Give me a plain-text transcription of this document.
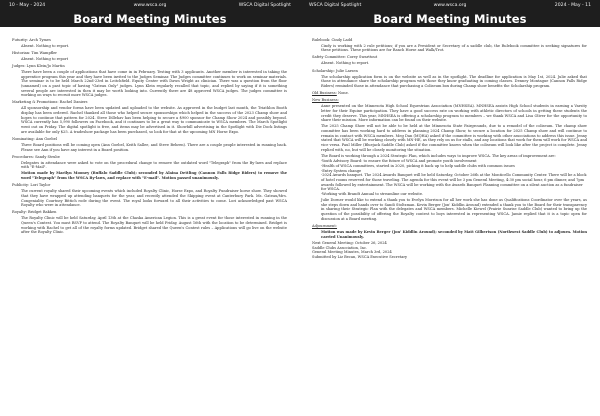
10 - May - 2024	www.wsca.org	WSCA Digital Spotlight
Board Meeting Minutes
Futurity: Arch Tymes
Absent. Nothing to report.
Historian: Tim Wampfler
Absent. Nothing to report
Judges: Lynn Klein/Jo Martin
There have been a couple of applications that have come in in February. Testing with 3 applicants. Another member is interested in taking the apprentice program this year and they have been invited to the Judges Seminar. The Judges committee continues to work on seminar materials. The seminar is to be held March 22nd-23rd in Leitchfield. Equity Center with Dawn Wright as clinician. There was a question from the floor (unnamed) on a past topic of having "Gateau Only" judges. Lynn Klein regularly recalled that topic, and replied by saying if it is something several people are interested in then it may be worth looking into. Currently there are 48 approved WSCA judges. The judges committee is working on ways to recruit more WSCA judges.
Marketing & Promotions: Rachel Daniers
All sponsorship and vendor forms have been updated and uploaded to the website. As approved in the budget last month, the Triathlon Booth display has been ordered. Rachel thanked all those who helped secure sponsorships which helped in the success of the 2023 Champ show and hopes to continue that pattern for 2024. Steve Dillehav has been helping to secure a $900 sponsor for Champ Show 2024 and possibly beyond. WSCA currently has 5,990 followers on Facebook, and it continues to be a great way to communicate to WSCA members. The March Spotlight went out on Friday. The digital spotlight is free, and items may be advertised in it. Showbill advertising in the Spotlight with Die Dock listings are available for only $25. A tradeshow package has been purchased, so look for that at the upcoming MN Horse Expo.
Nominating: Ann Goebel
Three Board positions will be coming open (Ann Goebel, Keith Sallee, and Steve Behren). There are a couple people interested in running back. Please see Ann if you have any interest in a Board position.
Procedures: Sandy Strube
Delegates in attendance were asked to vote on the procedural change to remove the outdated word "Telegraph" from the By-laws and replace with "E-Mail".
Motion made by Marilyn Mooney (Buffalo Saddle Club); seconded by Alaina Dettling (Cannon Falls Ridge Riders) to remove the word "Telegraph" from the WSCA By-laws, and replace with "E-mail". Motion passed unanimously.
Publicity: Lori Taylor
The current royalty shared their upcoming events which included Royalty Clinic, Horse Expo, and Royalty Fundraiser horse show. They showed that they have wrapped up attending banquets for the year, and recently attended the Skipping event at Canterbury Park. Ms. Gateau/Mrs. Congeniality Courtney Bittich rode during the event. The royal looks forward to all their activities to come. Lori acknowledged past WSCA Royalty who were in attendance.
Royalty: Bridget Bakken
The Royalty Clinic will be held Saturday, April 13th at the Chaska American Legion. This is a great event for those interested in running in the Queen's Contest. You must RSVP to attend. The Royalty Banquet will be held Friday, August 16th with the location to be determined. Bridget is working with Rachel to get all of the royalty forms updated. Bridget shared the Queen's Contest rules – Applications will go live on the website after the Royalty Clinic.
WSCA Digital Spotlight	www.wsca.org	2024 - May - 11
Board Meeting Minutes
Rulebook: Cindy Ladd
Cindy is working with 2 rule petitions; if you are a President or Secretary of a saddle club, the Rulebook committee is seeking signatures for these petitions. These petitions are for Ranch Horse and Walk/Trot.
Safety Committee: Corey Swarttout
Absent. Nothing to report.
Scholarship: Julie Larsen
The scholarship application form is on the website as well as in the spotlight. The deadline for application is May 1st, 2024. Julie asked that those in attendance share the scholarship program with those they know graduating in coming classes. Denney Montague (Cannon Falls Ridge Riders) reminded those in attendance that purchasing a Coliseum box during Champ show benefits the Scholarship program.
Old Business: None.
New Business:
Anne presented on the Minnesota High School Equestrian Association (MNHSEA). MNHSEA assists High School students in earning a Varsity letter for their Equine participation. They have a good success rate on working with athletic directors of schools in getting these students the credit they deserve. This year, MNHSEA is offering a scholarship program to members – we thank WSCA and Lisa Oliver for the opportunity to share their mission. More information can be found on their website.
The 2025 Champ Show will not be able to be held at the Minnesota State Fairgrounds, due to a remodel of the coliseum. The champ show committee has been working hard to address in planning 2024 Champ Show, to secure a location for 2025 Champ show and will continue to remain in contact with WSCA members. Meg Dan (MQHA) asked if the committee is working with other associations to address this issue. Jenny stated that WSCA will be working closely with MN-HE, as they rely on us for stalls, and any locations that work for them will work for WSCA and vice versa. Paul Miller (Bluejack Saddle Club) asked if the committee knows when the coliseum will look like after the project is complete. Jenny replied with, no, but will be closely monitoring the situation.
The Board is working through a 2024 Strategic Plan, which includes ways to improve WSCA. The key areas of improvement are:
-Youth Advisory Board: to ensure the future of WSCA and promote youth involvement
-Health of WSCA committees, started in 2020, picking it back up to help saddle clubs with common issues
-Entry System change
-2024 Awards banquet. The 2024 Awards Banquet will be held Saturday, October 26th at the Monticello Community Center. There will be a block of hotel rooms reserved for those traveling. The agenda for this event will be 3 pm General Meeting, 4:30 pm social hour, 6 pm dinner, and 7pm awards followed by entertainment. The WSCA will be working with the Awards Banquet Planning committee on a silent auction as a fundraiser for WSCA.
-Working with Brandt Annual to streamline our website.
Julie Dorner would like to extend a thank you to Evelyn Morrison for all her work she has done as Qualifications Coordinator over the years, as she steps down and hands over to Sandi Stoltzman. Kevin Berger (Jon' Kiddlin Around) extended a thank you to the Board for their transparency in sharing their Strategic Plan with the delegates and WSCA members. Michelle Kiewel (Prairie Sunrise Saddle Club) wanted to bring up the question of the possibility of offering the Royalty contest to boys interested in representing WSCA. Jamie replied that it is a topic open for discussion at a Board meeting.
Adjournment:
Motion was made by Kevin Berger (Jon' Kiddlin Around); seconded by Matt Gilbertson (Northwest Saddle Club) to adjourn. Motion carried Unanimously.
Next General Meeting: October 26, 2024
Saddle Clubs Association, Inc.
General Meeting Minutes, March 3rd, 2024
Submitted by Liz Becan, WSCA Executive Secretary
